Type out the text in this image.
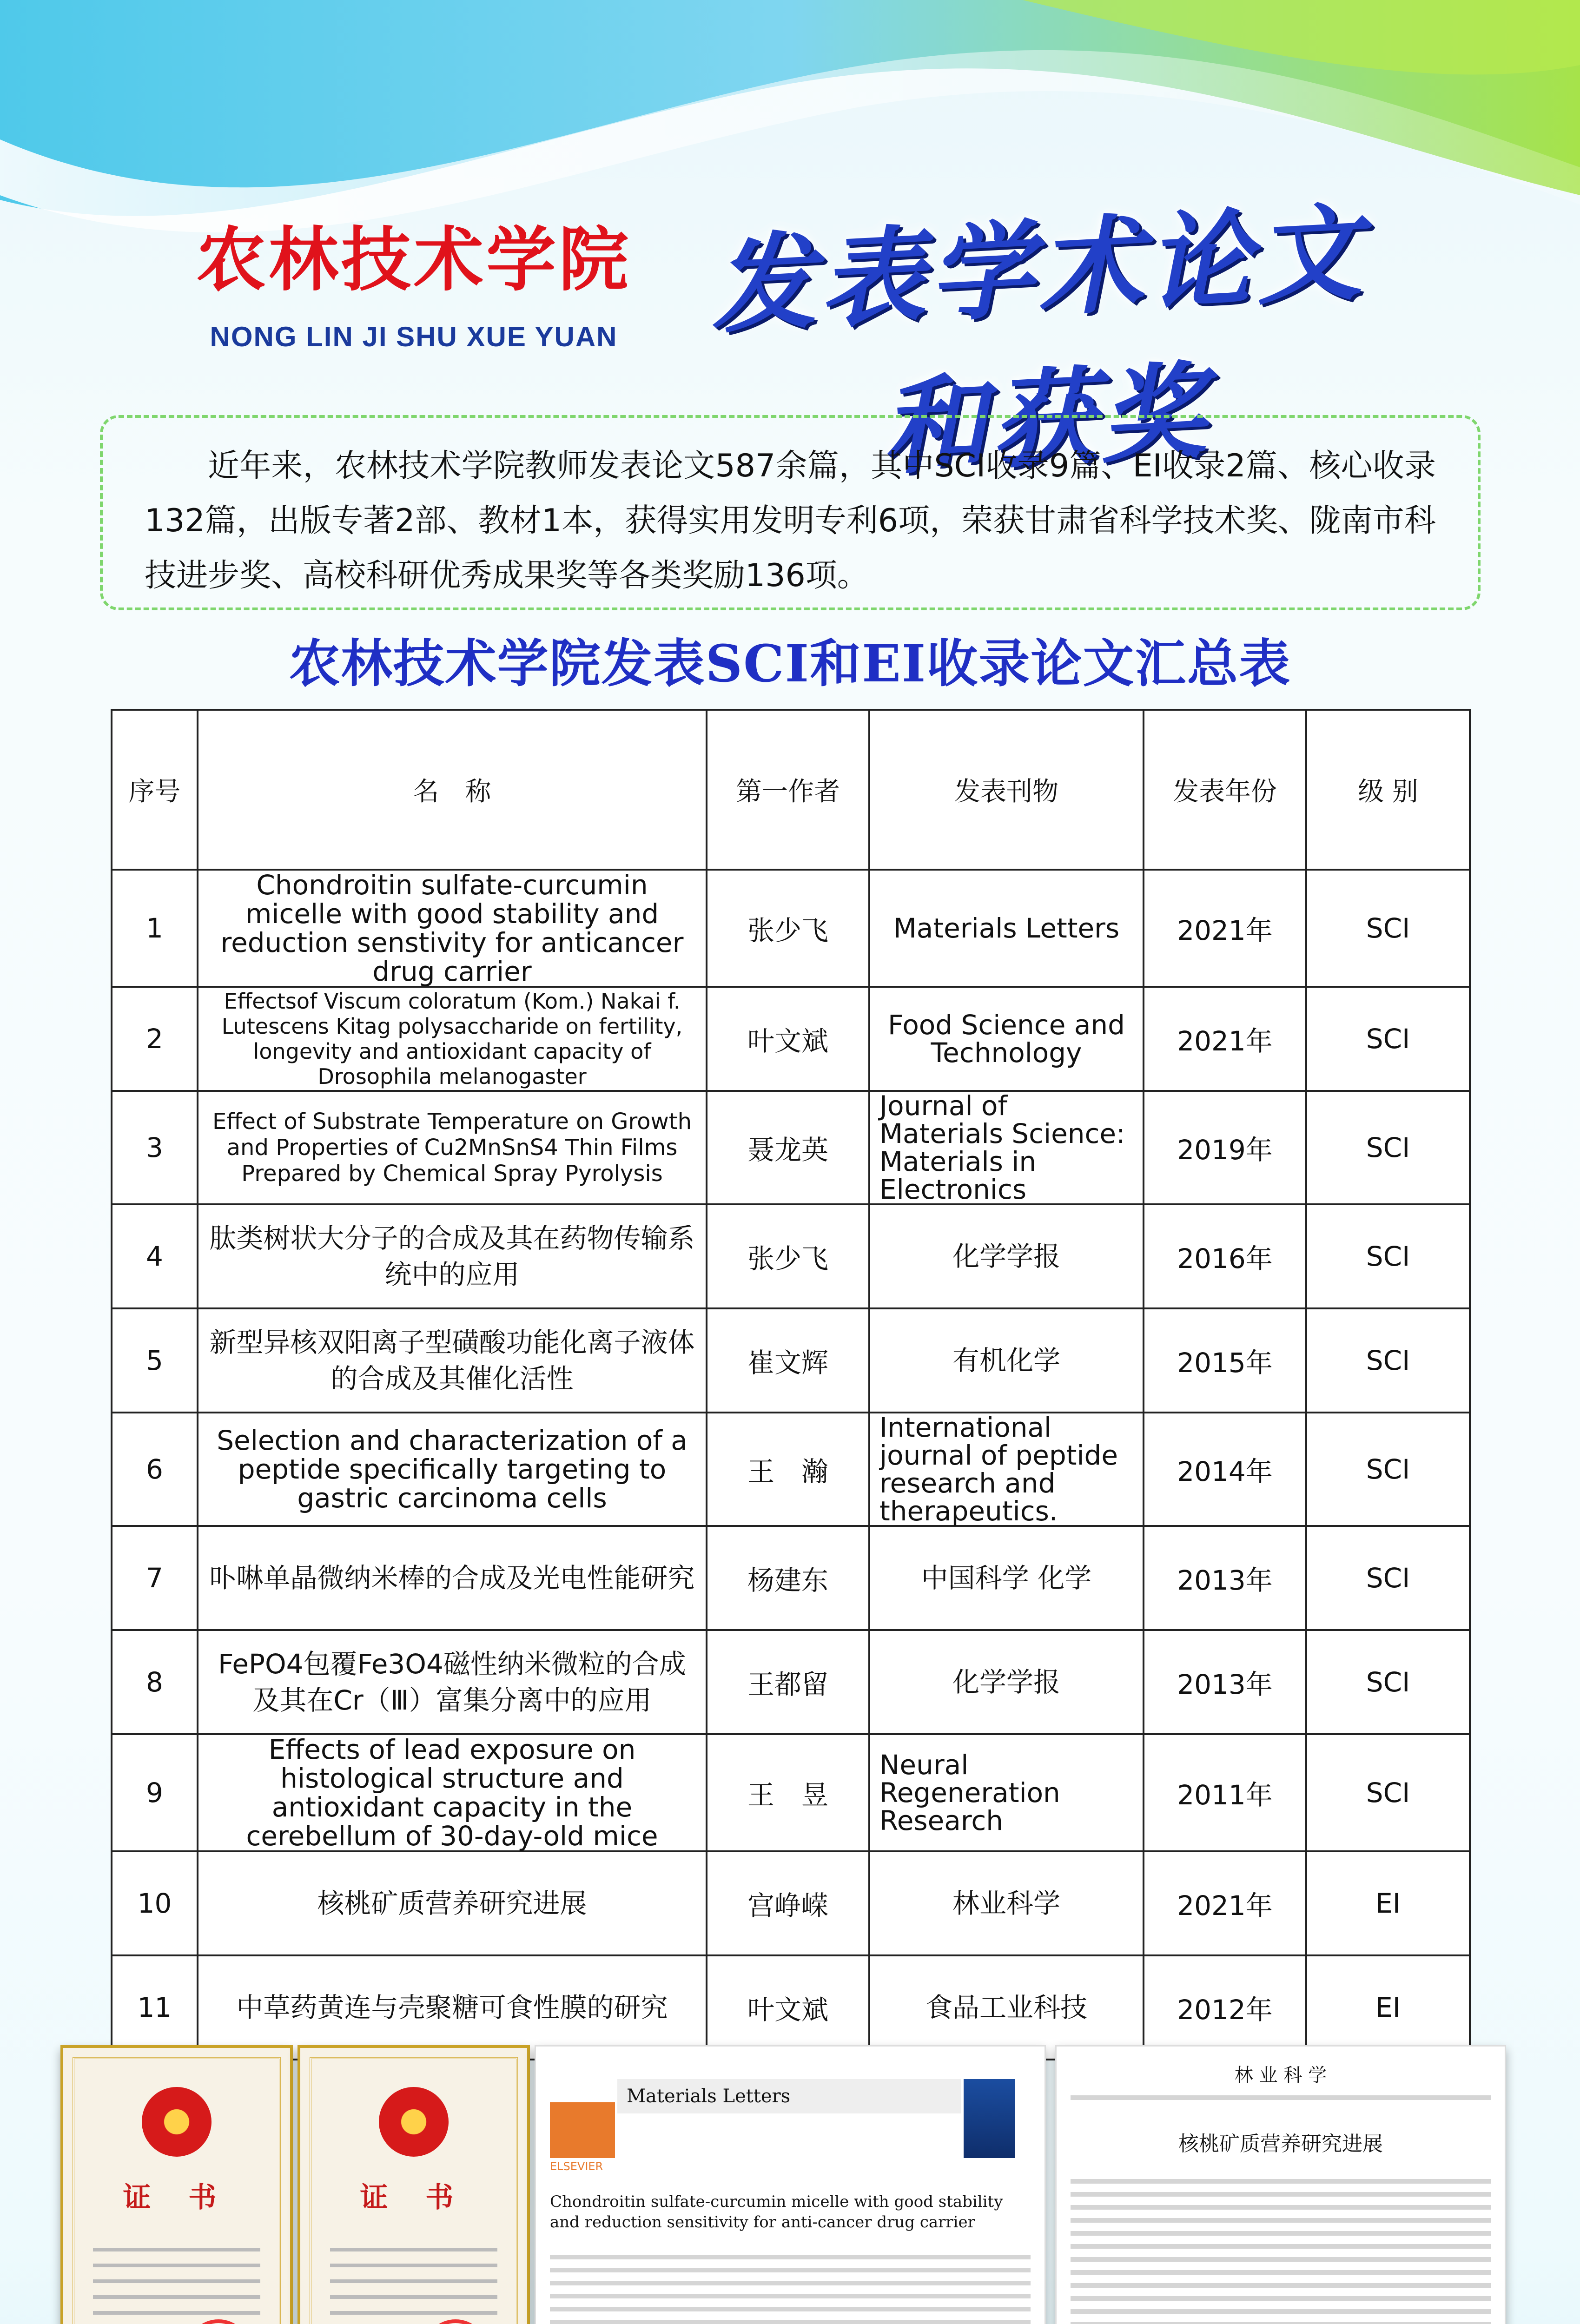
农林技术学院
NONG LIN JI SHU XUE YUAN 发表学术论文和获奖

近年来，农林技术学院教师发表论文587余篇，其中SCI收录9篇、EI收录2篇、核心收录132篇，出版专著2部、教材1本，获得实用发明专利6项，荣获甘肃省科学技术奖、陇南市科技进步奖、高校科研优秀成果奖等各类奖励136项。

农林技术学院发表SCI和EI收录论文汇总表
序号	名　称	第一作者	发表刊物	发表年份	级 别
1	Chondroitin sulfate-curcumin micelle with good stability and reduction senstivity for anticancer drug carrier	张少飞	Materials Letters	2021年	SCI
2	Effectsof Viscum coloratum (Kom.) Nakai f. Lutescens Kitag polysaccharide on fertility, longevity and antioxidant capacity of Drosophila melanogaster	叶文斌	Food Science and Technology	2021年	SCI
3	Effect of Substrate Temperature on Growth and Properties of Cu2MnSnS4 Thin Films Prepared by Chemical Spray Pyrolysis	聂龙英	Journal of Materials Science: Materials in Electronics	2019年	SCI
4	肽类树状大分子的合成及其在药物传输系统中的应用	张少飞	化学学报	2016年	SCI
5	新型异核双阳离子型磺酸功能化离子液体的合成及其催化活性	崔文辉	有机化学	2015年	SCI
6	Selection and characterization of a peptide specifically targeting to gastric carcinoma cells	王　瀚	International journal of peptide research and therapeutics.	2014年	SCI
7	卟啉单晶微纳米棒的合成及光电性能研究	杨建东	中国科学 化学	2013年	SCI
8	FePO4包覆Fe3O4磁性纳米微粒的合成及其在Cr（Ⅲ）富集分离中的应用	王都留	化学学报	2013年	SCI
9	Effects of lead exposure on histological structure and antioxidant capacity in the cerebellum of 30-day-old mice	王　昱	Neural Regeneration Research	2011年	SCI
10	核桃矿质营养研究进展	宫峥嵘	林业科学	2021年	EI
11	中草药黄连与壳聚糖可食性膜的研究	叶文斌	食品工业科技	2012年	EI
证 书	证 书
Materials Letters
ELSEVIER
Chondroitin sulfate-curcumin micelle with good stability and reduction sensitivity for anti-cancer drug carrier
林 业 科 学
核桃矿质营养研究进展
